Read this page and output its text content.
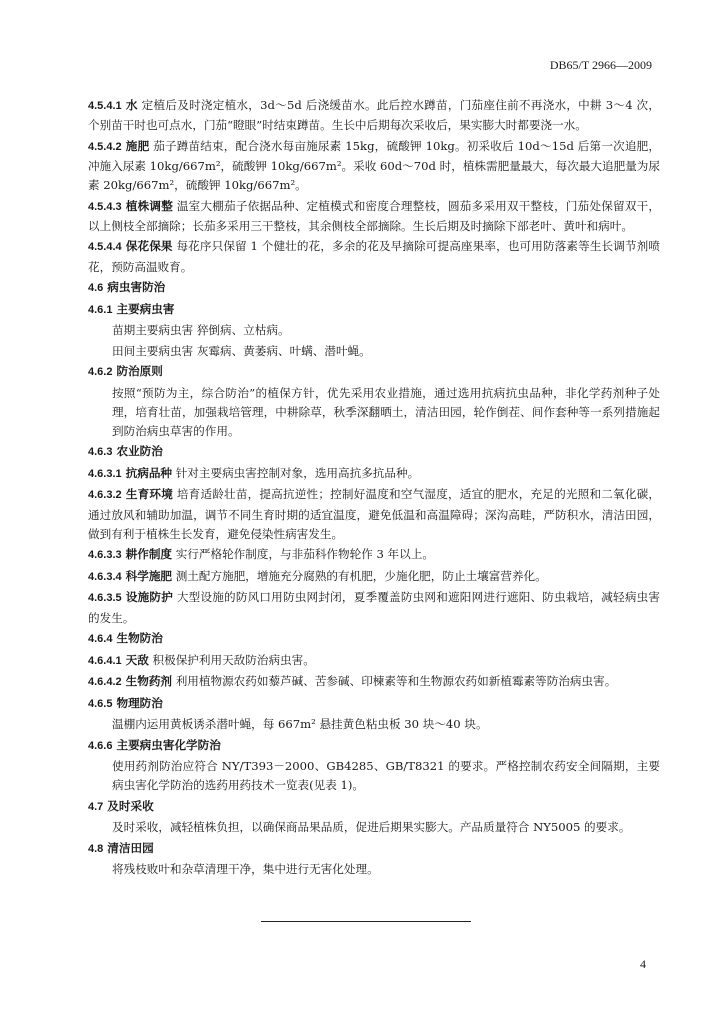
DB65/T 2966—2009
4.5.4.1 水 定植后及时浇定植水，3d～5d 后浇缓苗水。此后控水蹲苗，门茄座住前不再浇水，中耕 3～4 次，个别苗干时也可点水，门茄“瞪眼”时结束蹲苗。生长中后期每次采收后，果实膨大时都要浇一水。
4.5.4.2 施肥 茄子蹲苗结束，配合浇水每亩施尿素 15kg，硫酸钾 10kg。初采收后 10d～15d 后第一次追肥，冲施入尿素 10kg/667m²，硫酸钾 10kg/667m²。采收 60d～70d 时，植株需肥量最大，每次最大追肥量为尿素 20kg/667m²，硫酸钾 10kg/667m²。
4.5.4.3 植株调整 温室大棚茄子依据品种、定植模式和密度合理整枝，圆茄多采用双干整枝，门茄处保留双干，以上侧枝全部摘除；长茄多采用三干整枝，其余侧枝全部摘除。生长后期及时摘除下部老叶、黄叶和病叶。
4.5.4.4 保花保果 每花序只保留 1 个健壮的花，多余的花及早摘除可提高座果率，也可用防落素等生长调节剂喷花，预防高温败育。
4.6 病虫害防治
4.6.1 主要病虫害
苗期主要病虫害 猝倒病、立枯病。
田间主要病虫害 灰霉病、黄萎病、叶螨、潜叶蝇。
4.6.2 防治原则
按照“预防为主，综合防治”的植保方针，优先采用农业措施，通过选用抗病抗虫品种，非化学药剂种子处理，培育壮苗，加强栽培管理，中耕除草，秋季深翻晒土，清洁田园，轮作倒茬、间作套种等一系列措施起到防治病虫草害的作用。
4.6.3 农业防治
4.6.3.1 抗病品种 针对主要病虫害控制对象，选用高抗多抗品种。
4.6.3.2 生育环境 培育适龄壮苗，提高抗逆性；控制好温度和空气湿度，适宜的肥水，充足的光照和二氧化碳，通过放风和辅助加温，调节不同生育时期的适宜温度，避免低温和高温障碍；深沟高畦，严防积水，清洁田园，做到有利于植株生长发育，避免侵染性病害发生。
4.6.3.3 耕作制度 实行严格轮作制度，与非茄科作物轮作 3 年以上。
4.6.3.4 科学施肥 测土配方施肥，增施充分腐熟的有机肥，少施化肥，防止土壤富营养化。
4.6.3.5 设施防护 大型设施的防风口用防虫网封闭，夏季覆盖防虫网和遮阳网进行遮阳、防虫栽培，减轻病虫害的发生。
4.6.4 生物防治
4.6.4.1 天敌 积极保护利用天敌防治病虫害。
4.6.4.2 生物药剂 利用植物源农药如藜芦碱、苦参碱、印楝素等和生物源农药如新植霉素等防治病虫害。
4.6.5 物理防治
温棚内运用黄板诱杀潜叶蝇，每 667m² 悬挂黄色粘虫板 30 块～40 块。
4.6.6 主要病虫害化学防治
使用药剂防治应符合 NY/T393－2000、GB4285、GB/T8321 的要求。严格控制农药安全间隔期，主要病虫害化学防治的选药用药技术一览表(见表 1)。
4.7 及时采收
及时采收，减轻植株负担，以确保商品果品质，促进后期果实膨大。产品质量符合 NY5005 的要求。
4.8 清洁田园
将残枝败叶和杂草清理干净，集中进行无害化处理。
4
